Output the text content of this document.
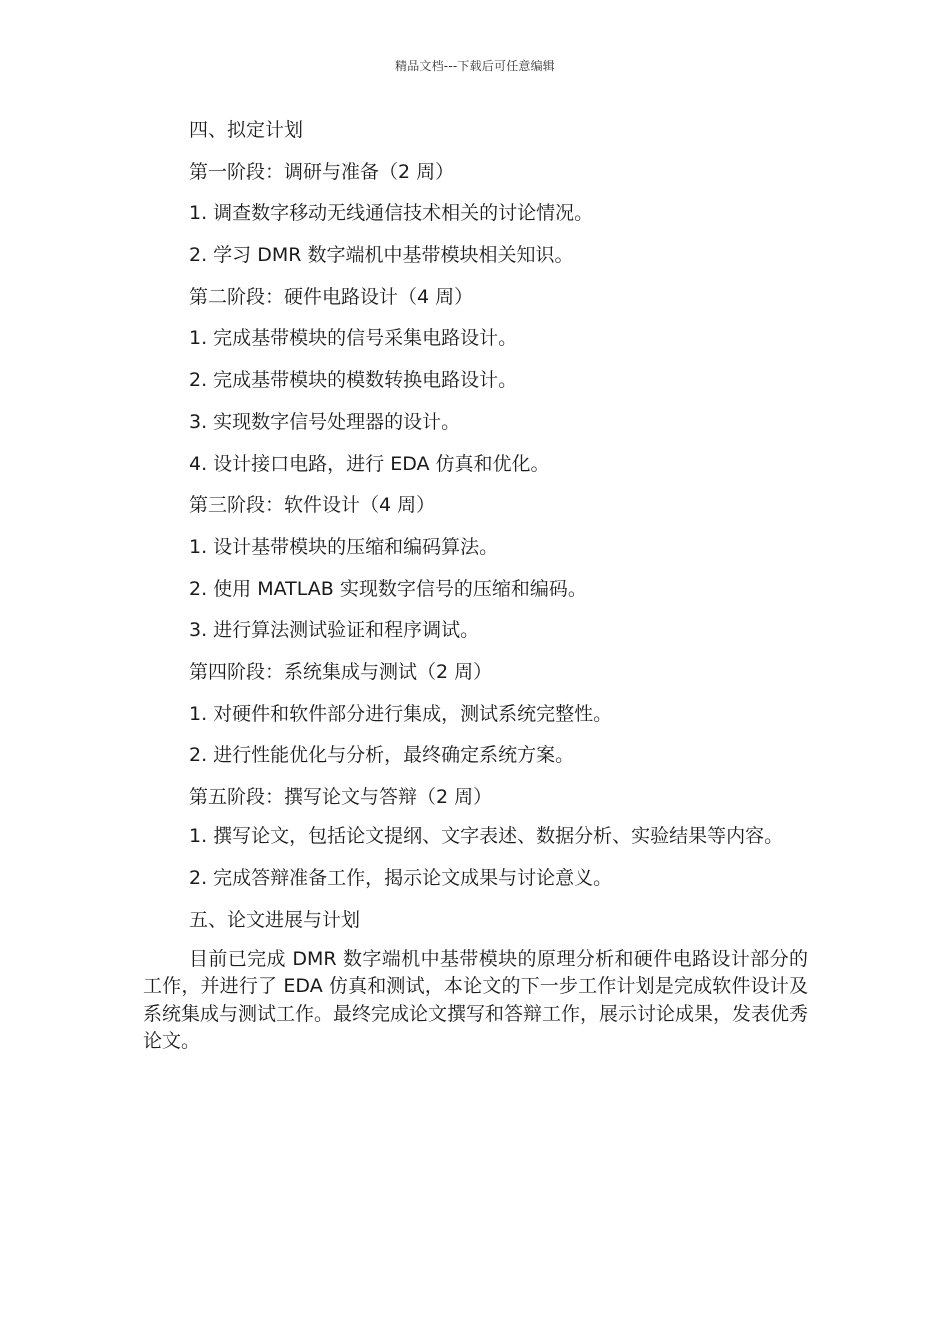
精品文档---下载后可任意编辑

四、拟定计划

第一阶段：调研与准备（2 周）

1. 调查数字移动无线通信技术相关的讨论情况。

2. 学习 DMR 数字端机中基带模块相关知识。

第二阶段：硬件电路设计（4 周）

1. 完成基带模块的信号采集电路设计。

2. 完成基带模块的模数转换电路设计。

3. 实现数字信号处理器的设计。

4. 设计接口电路，进行 EDA 仿真和优化。

第三阶段：软件设计（4 周）

1. 设计基带模块的压缩和编码算法。

2. 使用 MATLAB 实现数字信号的压缩和编码。

3. 进行算法测试验证和程序调试。

第四阶段：系统集成与测试（2 周）

1. 对硬件和软件部分进行集成，测试系统完整性。

2. 进行性能优化与分析，最终确定系统方案。

第五阶段：撰写论文与答辩（2 周）

1. 撰写论文，包括论文提纲、文字表述、数据分析、实验结果等内容。

2. 完成答辩准备工作，揭示论文成果与讨论意义。

五、论文进展与计划

目前已完成 DMR 数字端机中基带模块的原理分析和硬件电路设计部分的工作，并进行了 EDA 仿真和测试，本论文的下一步工作计划是完成软件设计及系统集成与测试工作。最终完成论文撰写和答辩工作，展示讨论成果，发表优秀论文。
